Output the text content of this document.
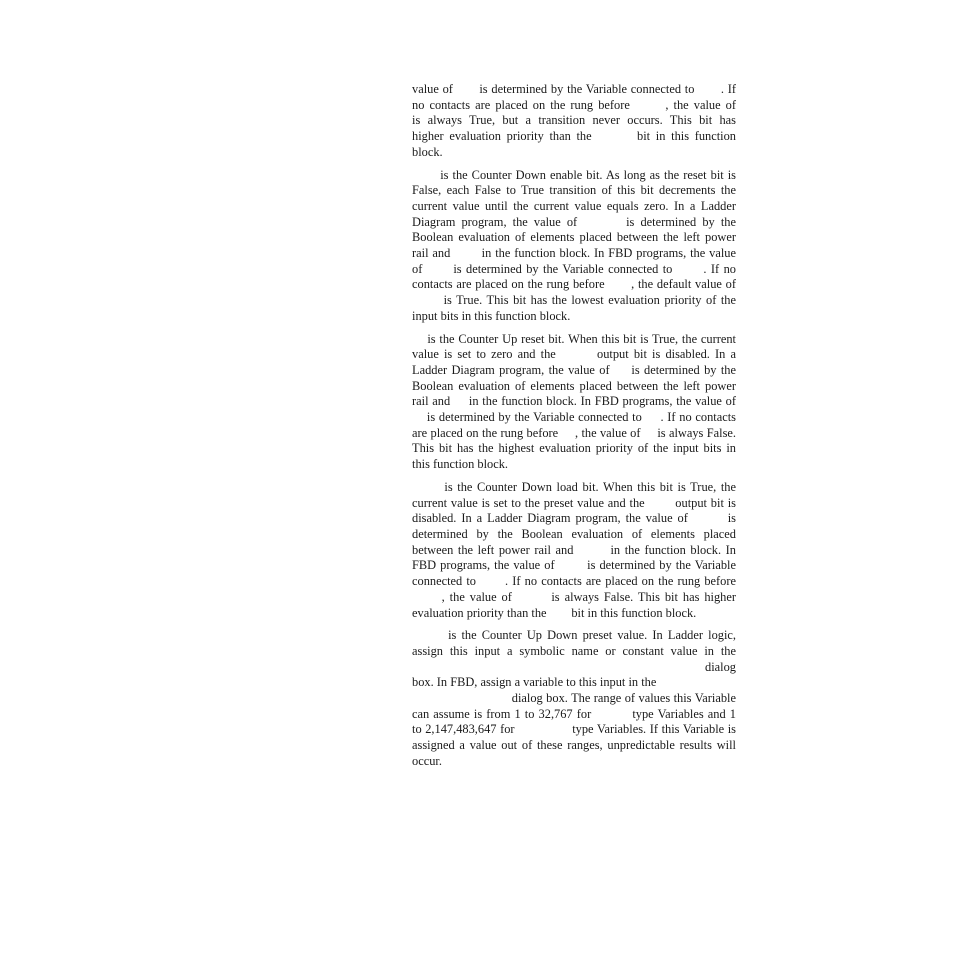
value of       is determined by the Variable connected to       . If
no contacts are placed on the rung before       , the value of
is always True, but a transition never occurs. This bit has
higher evaluation priority than the        bit in this function
block.

is the Counter Down enable bit. As long as the reset bit is
False, each False to True transition of this bit decrements the
current value until the current value equals zero. In a Ladder
Diagram program, the value of        is determined by the
Boolean evaluation of elements placed between the left power
rail and        in the function block. In FBD programs, the value
of       is determined by the Variable connected to       . If no
contacts are placed on the rung before       , the default value of
is True. This bit has the lowest evaluation priority of the
input bits in this function block.

is the Counter Up reset bit. When this bit is True, the current
value is set to zero and the        output bit is disabled. In a
Ladder Diagram program, the value of     is determined by the
Boolean evaluation of elements placed between the left power
rail and     in the function block. In FBD programs, the value of
is determined by the Variable connected to     . If no contacts
are placed on the rung before     , the value of     is always False.
This bit has the highest evaluation priority of the input bits in
this function block.

is the Counter Down load bit. When this bit is True, the
current value is set to the preset value and the        output bit is
disabled. In a Ladder Diagram program, the value of        is
determined by the Boolean evaluation of elements placed
between the left power rail and        in the function block. In
FBD programs, the value of        is determined by the Variable
connected to       . If no contacts are placed on the rung before
, the value of        is always False. This bit has higher
evaluation priority than the        bit in this function block.

is the Counter Up Down preset value. In Ladder logic,
assign this input a symbolic name or constant value in the
dialog
box. In FBD, assign a variable to this input in the
dialog box. The range of values this Variable
can assume is from 1 to 32,767 for          type Variables and 1
to 2,147,483,647 for                type Variables. If this Variable is
assigned a value out of these ranges, unpredictable results will
occur.
